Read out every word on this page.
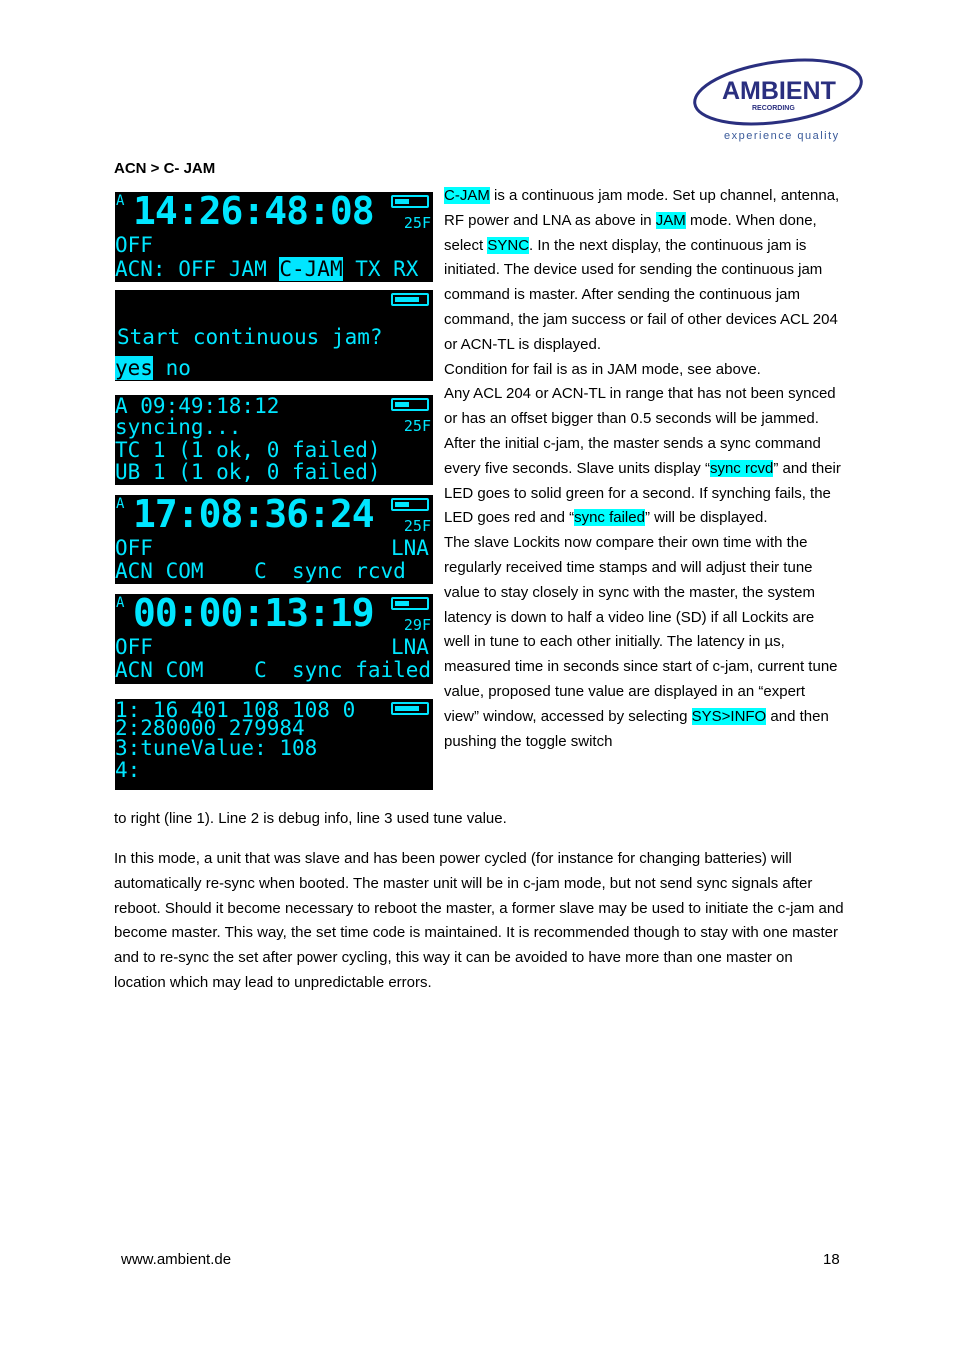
AMBIENT
RECORDING
experience quality
ACN > C- JAM
A 14:26:48:08 25F
OFF
ACN: OFF JAM C-JAM TX RX
Start continuous jam?
yes no
A 09:49:18:12
25F
syncing...
TC 1 (1 ok, 0 failed)
UB 1 (1 ok, 0 failed)
A 17:08:36:24 25F
OFF	LNA
ACN COM    C  sync rcvd
A 00:00:13:19 29F
OFF	LNA
ACN COM    C  sync failed
1: 16 401 108 108 0
2:280000 279984
3:tuneValue: 108
4:

C-JAM is a continuous jam mode. Set up channel, antenna, RF power and LNA as above in JAM mode. When done, select SYNC. In the next display, the continuous jam is initiated. The device used for sending the continuous jam command is master. After sending the continuous jam command, the jam success or fail of other devices ACL 204 or ACN-TL is displayed.

Condition for fail is as in JAM mode, see above.

Any ACL 204 or ACN-TL in range that has not been synced or has an offset bigger than 0.5 seconds will be jammed. After the initial c-jam, the master sends a sync command every five seconds. Slave units display “sync rcvd” and their LED goes to solid green for a second. If synching fails, the LED goes red and “sync failed” will be displayed.

The slave Lockits now compare their own time with the regularly received time stamps and will adjust their tune value to stay closely in sync with the master, the system latency is down to half a video line (SD) if all Lockits are well in tune to each other initially. The latency in µs, measured time in seconds since start of c-jam, current tune value, proposed tune value are displayed in an “expert view” window, accessed by selecting SYS>INFO and then pushing the toggle switch

to right (line 1). Line 2 is debug info, line 3 used tune value.

In this mode, a unit that was slave and has been power cycled (for instance for changing batteries) will automatically re-sync when booted. The master unit will be in c-jam mode, but not send sync signals after reboot. Should it become necessary to reboot the master, a former slave may be used to initiate the c-jam and become master. This way, the set time code is maintained. It is recommended though to stay with one master and to re-sync the set after power cycling, this way it can be avoided to have more than one master on location which may lead to unpredictable errors.

www.ambient.de	18
